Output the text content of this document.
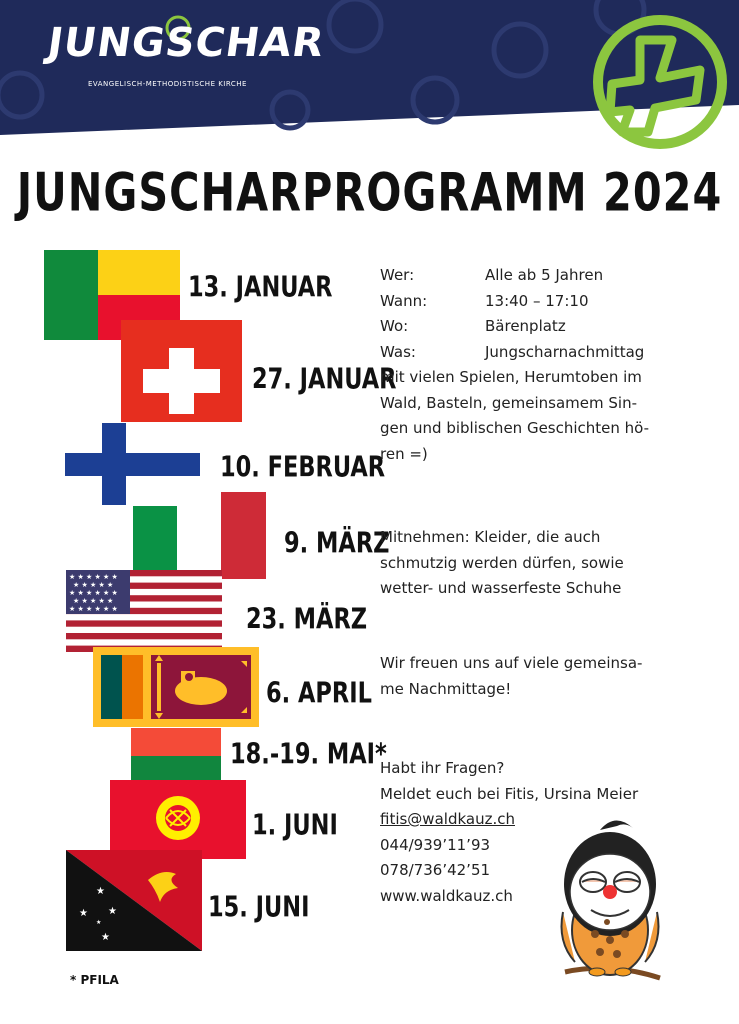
JUNGSCHAR
EVANGELISCH-METHODISTISCHE KIRCHE
JUNGSCHARPROGRAMM 2024
★ ★ ★ ★ ★ ★
★ ★ ★ ★ ★
★ ★ ★ ★ ★ ★
★ ★ ★ ★ ★
★ ★ ★ ★ ★ ★
★
★ ★
★
★
13. JANUAR
27. JANUAR
10. FEBRUAR
9. MÄRZ
23. MÄRZ
6. APRIL
18.-19. MAI*
1. JUNI
15. JUNI
Wer:	Alle ab 5 Jahren
Wann:	13:40 – 17:10
Wo:	Bärenplatz
Was:	Jungscharnachmittag
mit vielen Spielen, Herumtoben im
Wald, Basteln, gemeinsamem Sin-
gen und biblischen Geschichten hö-
ren =)
Mitnehmen: Kleider, die auch
schmutzig werden dürfen, sowie
wetter- und wasserfeste Schuhe
Wir freuen uns auf viele gemeinsa-
me Nachmittage!
Habt ihr Fragen?
Meldet euch bei Fitis, Ursina Meier
fitis@waldkauz.ch
044/939’11’93
078/736’42’51
www.waldkauz.ch
* PFILA
